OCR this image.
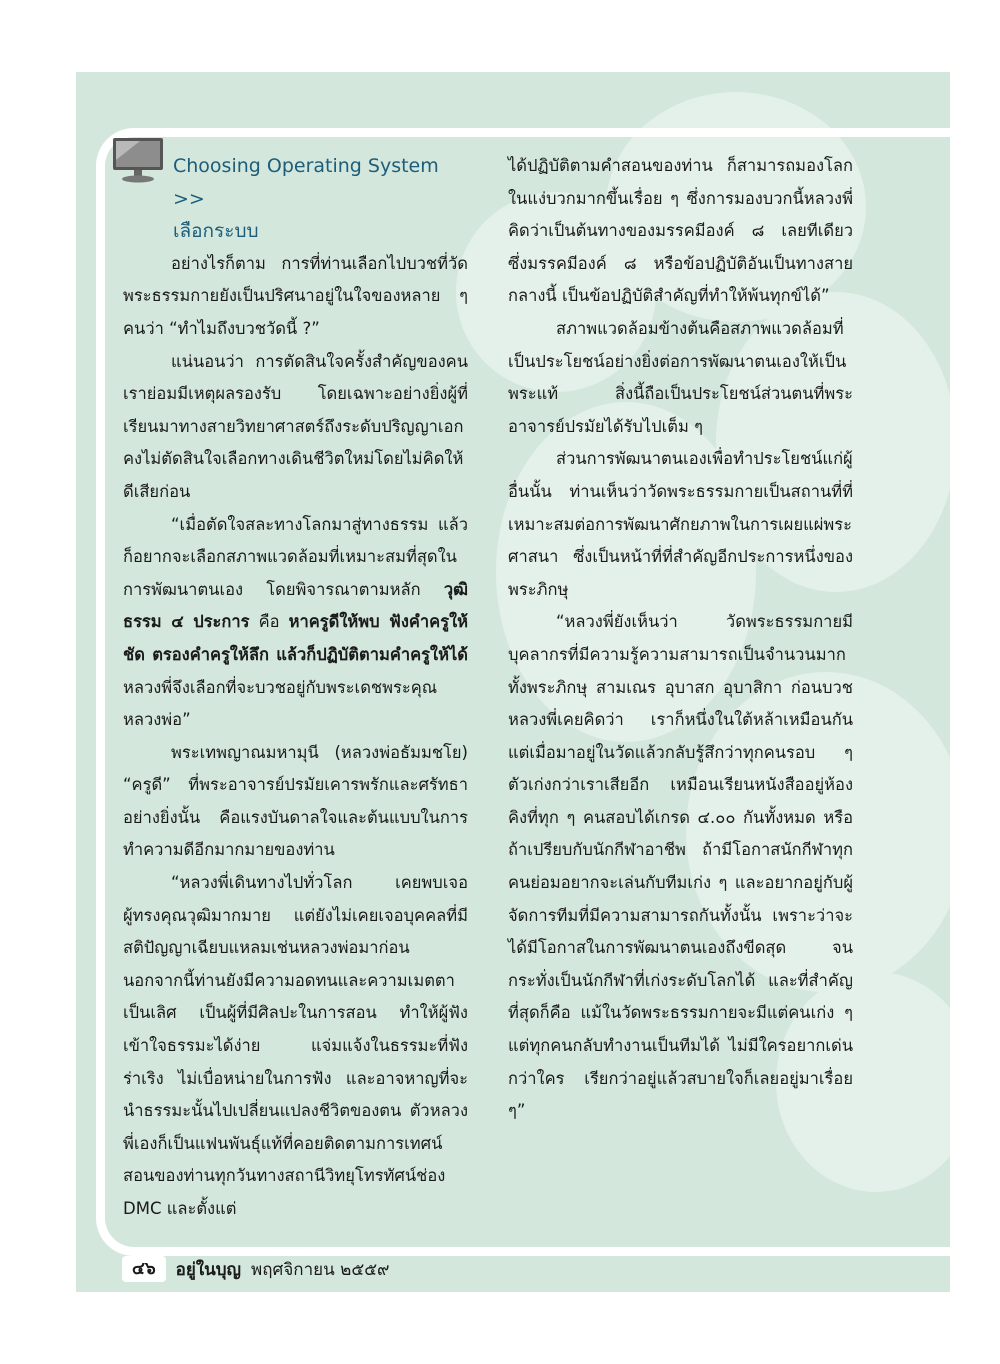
Choosing Operating System >>
เลือกระบบ

อย่างไรก็ตาม การที่ท่านเลือกไปบวชที่วัดพระธรรมกายยังเป็นปริศนาอยู่ในใจของหลาย ๆ คนว่า “ทำไมถึงบวชวัดนี้ ?”

แน่นอนว่า การตัดสินใจครั้งสำคัญของคนเราย่อมมีเหตุผลรองรับ โดยเฉพาะอย่างยิ่งผู้ที่เรียนมาทางสายวิทยาศาสตร์ถึงระดับปริญญาเอก คงไม่ตัดสินใจเลือกทางเดินชีวิตใหม่โดยไม่คิดให้ดีเสียก่อน

“เมื่อตัดใจสละทางโลกมาสู่ทางธรรม แล้ว ก็อยากจะเลือกสภาพแวดล้อมที่เหมาะสมที่สุดในการพัฒนาตนเอง โดยพิจารณาตามหลัก วุฒิธรรม ๔ ประการ คือ หาครูดีให้พบ ฟังคำครูให้ชัด ตรองคำครูให้ลึก แล้วก็ปฏิบัติตามคำครูให้ได้ หลวงพี่จึงเลือกที่จะบวชอยู่กับพระเดชพระคุณหลวงพ่อ”

พระเทพญาณมหามุนี (หลวงพ่อธัมมชโย) “ครูดี” ที่พระอาจารย์ปรมัยเคารพรักและศรัทธาอย่างยิ่งนั้น คือแรงบันดาลใจและต้นแบบในการทำความดีอีกมากมายของท่าน

“หลวงพี่เดินทางไปทั่วโลก เคยพบเจอผู้ทรงคุณวุฒิมากมาย แต่ยังไม่เคยเจอบุคคลที่มีสติปัญญาเฉียบแหลมเช่นหลวงพ่อมาก่อน นอกจากนี้ท่านยังมีความอดทนและความเมตตาเป็นเลิศ เป็นผู้ที่มีศิลปะในการสอน ทำให้ผู้ฟังเข้าใจธรรมะได้ง่าย แจ่มแจ้งในธรรมะที่ฟัง ร่าเริง ไม่เบื่อหน่ายในการฟัง และอาจหาญที่จะนำธรรมะนั้นไปเปลี่ยนแปลงชีวิตของตน ตัวหลวงพี่เองก็เป็นแฟนพันธุ์แท้ที่คอยติดตามการเทศน์สอนของท่านทุกวันทางสถานีวิทยุโทรทัศน์ช่อง DMC และตั้งแต่

ได้ปฏิบัติตามคำสอนของท่าน ก็สามารถมองโลกในแง่บวกมากขึ้นเรื่อย ๆ ซึ่งการมองบวกนี้หลวงพี่คิดว่าเป็นต้นทางของมรรคมีองค์ ๘ เลยทีเดียว ซึ่งมรรคมีองค์ ๘ หรือข้อปฏิบัติอันเป็นทางสายกลางนี้ เป็นข้อปฏิบัติสำคัญที่ทำให้พ้นทุกข์ได้”

สภาพแวดล้อมข้างต้นคือสภาพแวดล้อมที่เป็นประโยชน์อย่างยิ่งต่อการพัฒนาตนเองให้เป็นพระแท้ สิ่งนี้ถือเป็นประโยชน์ส่วนตนที่พระอาจารย์ปรมัยได้รับไปเต็ม ๆ

ส่วนการพัฒนาตนเองเพื่อทำประโยชน์แก่ผู้อื่นนั้น ท่านเห็นว่าวัดพระธรรมกายเป็นสถานที่ที่เหมาะสมต่อการพัฒนาศักยภาพในการเผยแผ่พระศาสนา ซึ่งเป็นหน้าที่ที่สำคัญอีกประการหนึ่งของพระภิกษุ

“หลวงพี่ยังเห็นว่า วัดพระธรรมกายมีบุคลากรที่มีความรู้ความสามารถเป็นจำนวนมาก ทั้งพระภิกษุ สามเณร อุบาสก อุบาสิกา ก่อนบวชหลวงพี่เคยคิดว่า เราก็หนึ่งในใต้หล้าเหมือนกัน แต่เมื่อมาอยู่ในวัดแล้วกลับรู้สึกว่าทุกคนรอบ ๆ ตัวเก่งกว่าเราเสียอีก เหมือนเรียนหนังสืออยู่ห้องคิงที่ทุก ๆ คนสอบได้เกรด ๔.๐๐ กันทั้งหมด หรือถ้าเปรียบกับนักกีฬาอาชีพ ถ้ามีโอกาสนักกีฬาทุกคนย่อมอยากจะเล่นกับทีมเก่ง ๆ และอยากอยู่กับผู้จัดการทีมที่มีความสามารถกันทั้งนั้น เพราะว่าจะได้มีโอกาสในการพัฒนาตนเองถึงขีดสุด จนกระทั่งเป็นนักกีฬาที่เก่งระดับโลกได้ และที่สำคัญที่สุดก็คือ แม้ในวัดพระธรรมกายจะมีแต่คนเก่ง ๆ แต่ทุกคนกลับทำงานเป็นทีมได้ ไม่มีใครอยากเด่นกว่าใคร เรียกว่าอยู่แล้วสบายใจก็เลยอยู่มาเรื่อย ๆ”

๔๖	อยู่ในบุญ พฤศจิกายน ๒๕๕๙
